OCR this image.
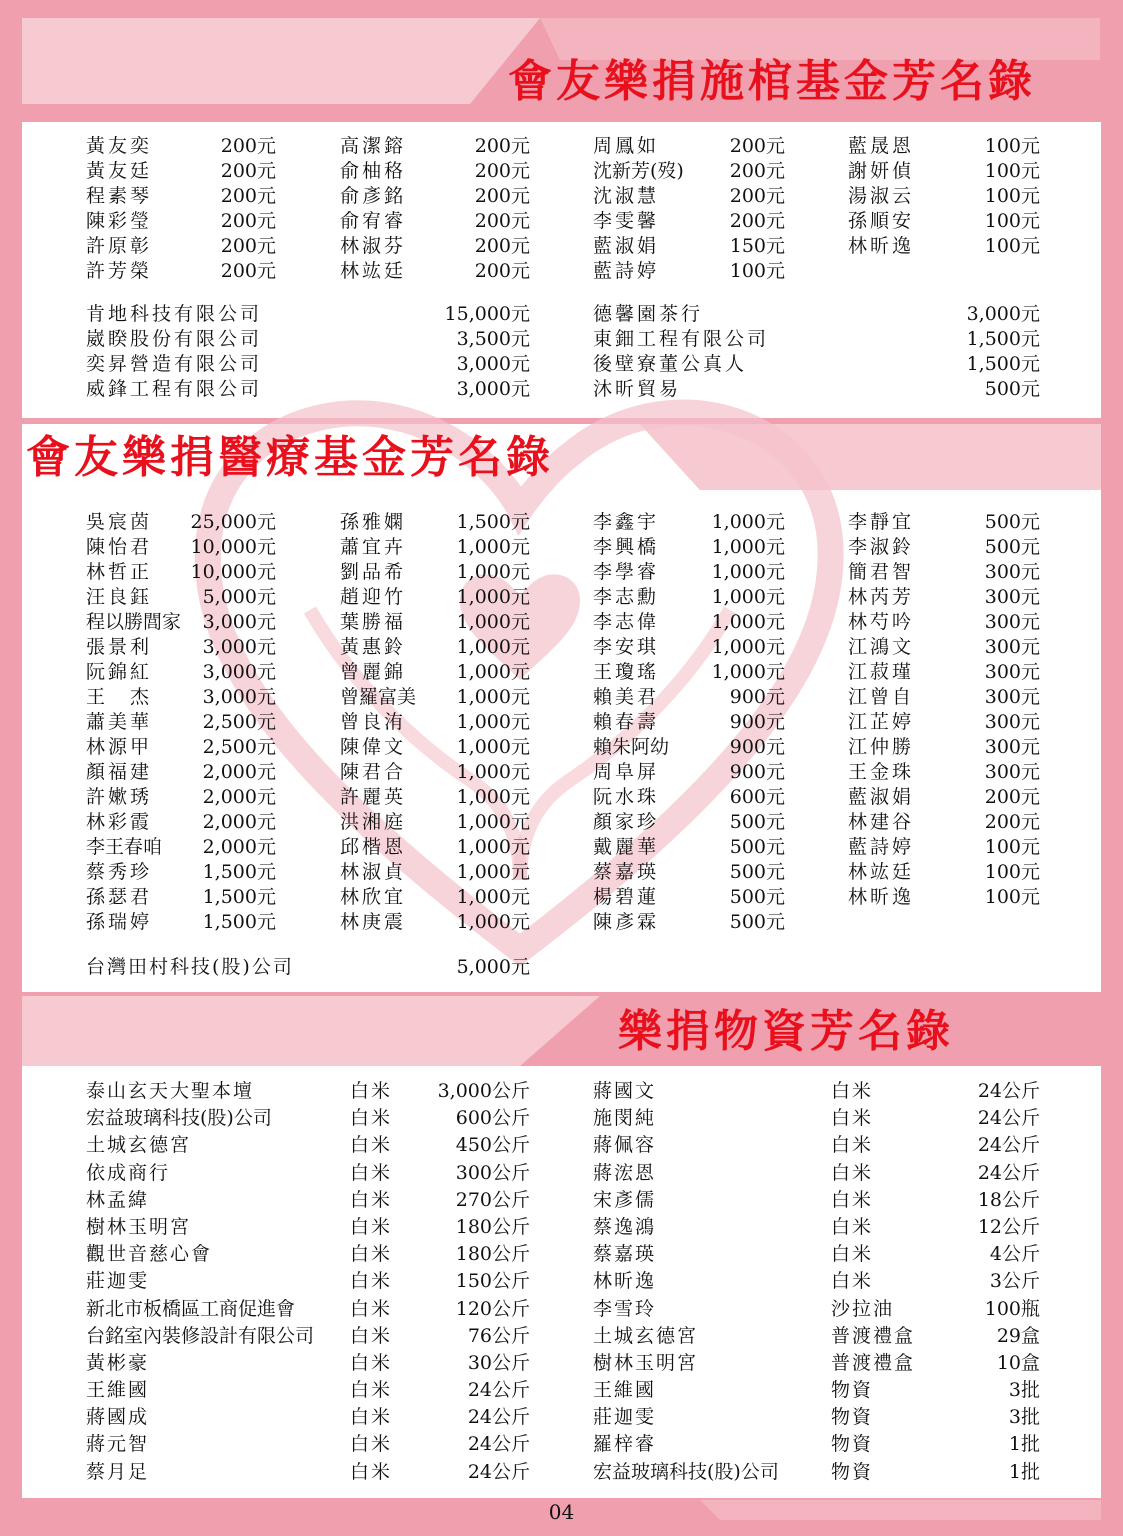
會友樂捐施棺基金芳名錄
會友樂捐醫療基金芳名錄
樂捐物資芳名錄
黃友奕	200元
黃友廷	200元
程素琴	200元
陳彩瑩	200元
許原彰	200元
許芳榮	200元
高潔鎔	200元
俞柚䅂	200元
俞彥銘	200元
俞宥睿	200元
林淑芬	200元
林竑廷	200元
周鳳如	200元
沈新芳(歿) 200元
沈淑慧	200元
李雯馨	200元
藍淑娟	150元
藍詩婷	100元
藍晟恩	100元
謝妍偵	100元
湯淑云	100元
孫順安	100元
林昕逸	100元
肯地科技有限公司	15,000元
崴睽股份有限公司	3,500元
奕昇營造有限公司	3,000元
威鋒工程有限公司	3,000元
德馨園茶行	3,000元
東鈿工程有限公司	1,500元
後壁寮董公真人	1,500元
沐昕貿易	500元
吳宸茵 25,000元
陳怡君 10,000元
林哲正 10,000元
汪良鈺	5,000元
程以勝閭家 3,000元
張景利	3,000元
阮錦紅	3,000元
王　杰	3,000元
蕭美華	2,500元
林源甲	2,500元
顏福建	2,000元
許嫰琇	2,000元
林彩霞	2,000元
李王春咱 2,000元
蔡秀珍	1,500元
孫瑟君	1,500元
孫瑞婷	1,500元
孫雅嫻	1,500元
蕭宜卉	1,000元
劉品希	1,000元
趙迎竹	1,000元
葉勝福	1,000元
黃惠鈴	1,000元
曾麗錦	1,000元
曾羅富美 1,000元
曾良洧	1,000元
陳偉文	1,000元
陳君合	1,000元
許麗英	1,000元
洪湘庭	1,000元
邱楷恩	1,000元
林淑貞	1,000元
林欣宜	1,000元
林庚震	1,000元
李鑫宇	1,000元
李興橋	1,000元
李學睿	1,000元
李志勳	1,000元
李志偉	1,000元
李安琪	1,000元
王瓊瑤	1,000元
賴美君	900元
賴春壽	900元
賴朱阿幼	900元
周阜屏	900元
阮水珠	600元
顏家珍	500元
戴麗華	500元
蔡嘉瑛	500元
楊碧蓮	500元
陳彥霖	500元
李靜宜	500元
李淑鈴	500元
簡君智	300元
林芮芳	300元
林芍吟	300元
江鴻文	300元
江菽瑾	300元
江曾自	300元
江芷婷	300元
江仲勝	300元
王金珠	300元
藍淑娟	200元
林建谷	200元
藍詩婷	100元
林竑廷	100元
林昕逸	100元
台灣田村科技(股)公司	5,000元
泰山玄天大聖本壇	白米 3,000公斤
宏益玻璃科技(股)公司	白米	600公斤
土城玄德宮	白米	450公斤
依成商行	白米	300公斤
林孟緯	白米	270公斤
樹林玉明宮	白米	180公斤
觀世音慈心會	白米	180公斤
莊迦雯	白米	150公斤
新北市板橋區工商促進會	白米	120公斤
台銘室內裝修設計有限公司 白米	76公斤
黃彬豪	白米	30公斤
王維國	白米	24公斤
蔣國成	白米	24公斤
蔣元智	白米	24公斤
蔡月足	白米	24公斤
蔣國文	白米	24公斤
施閔純	白米	24公斤
蔣佩容	白米	24公斤
蔣浤恩	白米	24公斤
宋彥儒	白米	18公斤
蔡逸鴻	白米	12公斤
蔡嘉瑛	白米	4公斤
林昕逸	白米	3公斤
李雪玲	沙拉油	100瓶
土城玄德宮	普渡禮盒	29盒
樹林玉明宮	普渡禮盒	10盒
王維國	物資	3批
莊迦雯	物資	3批
羅梓睿	物資	1批
宏益玻璃科技(股)公司	物資	1批
04
